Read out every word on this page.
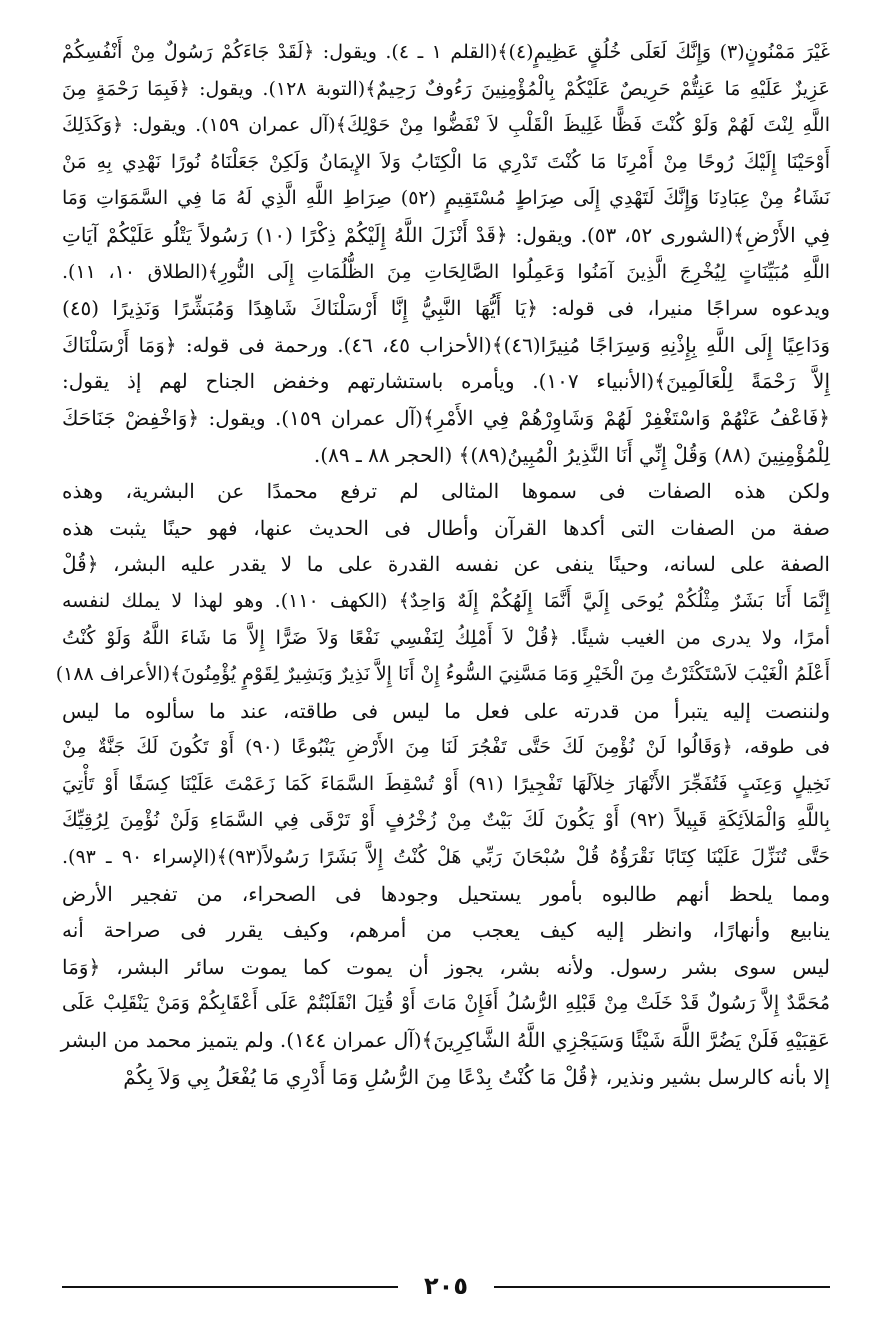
غَيْرَ مَمْنُونٍ(٣) وَإِنَّكَ لَعَلَى خُلُقٍ عَظِيمٍ(٤)﴾(القلم ١ ـ ٤). ويقول: ﴿لَقَدْ جَاءَكُمْ رَسُولٌ مِنْ أَنْفُسِكُمْ
عَزِيزٌ عَلَيْهِ مَا عَنِتُّمْ حَرِيصٌ عَلَيْكُمْ بِالْمُؤْمِنِينَ رَءُوفٌ رَحِيمٌ﴾(التوبة ١٢٨). ويقول: ﴿فَبِمَا رَحْمَةٍ مِنَ
اللَّهِ لِنْتَ لَهُمْ وَلَوْ كُنْتَ فَظًّا غَلِيظَ الْقَلْبِ لاَ نْفَضُّوا مِنْ حَوْلِكَ﴾(آل عمران ١٥٩). ويقول: ﴿وَكَذَلِكَ
أَوْحَيْنَا إِلَيْكَ رُوحًا مِنْ أَمْرِنَا مَا كُنْتَ تَدْرِي مَا الْكِتَابُ وَلاَ الإِيمَانُ وَلَكِنْ جَعَلْنَاهُ نُورًا نَهْدِي بِهِ مَنْ
نَشَاءُ مِنْ عِبَادِنَا وَإِنَّكَ لَتَهْدِي إِلَى صِرَاطٍ مُسْتَقِيمٍ (٥٢) صِرَاطِ اللَّهِ الَّذِي لَهُ مَا فِي السَّمَوَاتِ وَمَا
فِي الأَرْضِ﴾(الشورى ٥٢، ٥٣). ويقول: ﴿قَدْ أَنْزَلَ اللَّهُ إِلَيْكُمْ ذِكْرًا (١٠) رَسُولاً يَتْلُو عَلَيْكُمْ آيَاتِ
اللَّهِ مُبَيِّنَاتٍ لِيُخْرِجَ الَّذِينَ آمَنُوا وَعَمِلُوا الصَّالِحَاتِ مِنَ الظُّلُمَاتِ إِلَى النُّورِ﴾(الطلاق ١٠، ١١).
ويدعوه سراجًا منيرا، فى قوله: ﴿يَا أَيُّهَا النَّبِيُّ إِنَّا أَرْسَلْنَاكَ شَاهِدًا وَمُبَشِّرًا وَنَذِيرًا (٤٥)
وَدَاعِيًا إِلَى اللَّهِ بِإِذْنِهِ وَسِرَاجًا مُنِيرًا(٤٦)﴾(الأحزاب ٤٥، ٤٦). ورحمة فى قوله: ﴿وَمَا أَرْسَلْنَاكَ
إِلاَّ رَحْمَةً لِلْعَالَمِينَ﴾(الأنبياء ١٠٧). ويأمره باستشارتهم وخفض الجناح لهم إذ يقول:
﴿فَاعْفُ عَنْهُمْ وَاسْتَغْفِرْ لَهُمْ وَشَاوِرْهُمْ فِي الأَمْرِ﴾(آل عمران ١٥٩). ويقول: ﴿وَاخْفِضْ جَنَاحَكَ
لِلْمُؤْمِنِينَ (٨٨) وَقُلْ إِنِّي أَنَا النَّذِيرُ الْمُبِينُ(٨٩)﴾ (الحجر ٨٨ ـ ٨٩).
ولكن هذه الصفات فى سموها المثالى لم ترفع محمدًا عن البشرية، وهذه
صفة من الصفات التى أكدها القرآن وأطال فى الحديث عنها، فهو حينًا يثبت هذه
الصفة على لسانه، وحينًا ينفى عن نفسه القدرة على ما لا يقدر عليه البشر، ﴿قُلْ
إِنَّمَا أَنَا بَشَرٌ مِثْلُكُمْ يُوحَى إِلَيَّ أَنَّمَا إِلَهُكُمْ إِلَهٌ وَاحِدٌ﴾ (الكهف ١١٠). وهو لهذا لا يملك لنفسه
أمرًا، ولا يدرى من الغيب شيئًا. ﴿قُلْ لاَ أَمْلِكُ لِنَفْسِي نَفْعًا وَلاَ ضَرًّا إِلاَّ مَا شَاءَ اللَّهُ وَلَوْ كُنْتُ
أَعْلَمُ الْغَيْبَ لاَسْتَكْثَرْتُ مِنَ الْخَيْرِ وَمَا مَسَّنِيَ السُّوءُ إِنْ أَنَا إِلاَّ نَذِيرٌ وَبَشِيرٌ لِقَوْمٍ يُؤْمِنُونَ﴾(الأعراف ١٨٨)
ولننصت إليه يتبرأ من قدرته على فعل ما ليس فى طاقته، عند ما سألوه ما ليس
فى طوقه، ﴿وَقَالُوا لَنْ نُؤْمِنَ لَكَ حَتَّى تَفْجُرَ لَنَا مِنَ الأَرْضِ يَنْبُوعًا (٩٠) أَوْ تَكُونَ لَكَ جَنَّةٌ مِنْ
نَخِيلٍ وَعِنَبٍ فَتُفَجِّرَ الأَنْهَارَ خِلاَلَهَا تَفْجِيرًا (٩١) أَوْ تُسْقِطَ السَّمَاءَ كَمَا زَعَمْتَ عَلَيْنَا كِسَفًا أَوْ تَأْتِيَ
بِاللَّهِ وَالْمَلاَئِكَةِ قَبِيلاً (٩٢) أَوْ يَكُونَ لَكَ بَيْتٌ مِنْ زُخْرُفٍ أَوْ تَرْقَى فِي السَّمَاءِ وَلَنْ نُؤْمِنَ لِرُقِيِّكَ
حَتَّى تُنَزِّلَ عَلَيْنَا كِتَابًا نَقْرَؤُهُ قُلْ سُبْحَانَ رَبِّي هَلْ كُنْتُ إِلاَّ بَشَرًا رَسُولاً(٩٣)﴾(الإسراء ٩٠ ـ ٩٣).
ومما يلحظ أنهم طالبوه بأمور يستحيل وجودها فى الصحراء، من تفجير الأرض
ينابيع وأنهارًا، وانظر إليه كيف يعجب من أمرهم، وكيف يقرر فى صراحة أنه
ليس سوى بشر رسول. ولأنه بشر، يجوز أن يموت كما يموت سائر البشر، ﴿وَمَا
مُحَمَّدٌ إِلاَّ رَسُولٌ قَدْ خَلَتْ مِنْ قَبْلِهِ الرُّسُلُ أَفَإِنْ مَاتَ أَوْ قُتِلَ انْقَلَبْتُمْ عَلَى أَعْقَابِكُمْ وَمَنْ يَنْقَلِبْ عَلَى
عَقِبَيْهِ فَلَنْ يَضُرَّ اللَّهَ شَيْئًا وَسَيَجْزِي اللَّهُ الشَّاكِرِينَ﴾(آل عمران ١٤٤). ولم يتميز محمد من البشر
إلا بأنه كالرسل بشير ونذير، ﴿قُلْ مَا كُنْتُ بِدْعًا مِنَ الرُّسُلِ وَمَا أَدْرِي مَا يُفْعَلُ بِي وَلاَ بِكُمْ
٢٠٥
